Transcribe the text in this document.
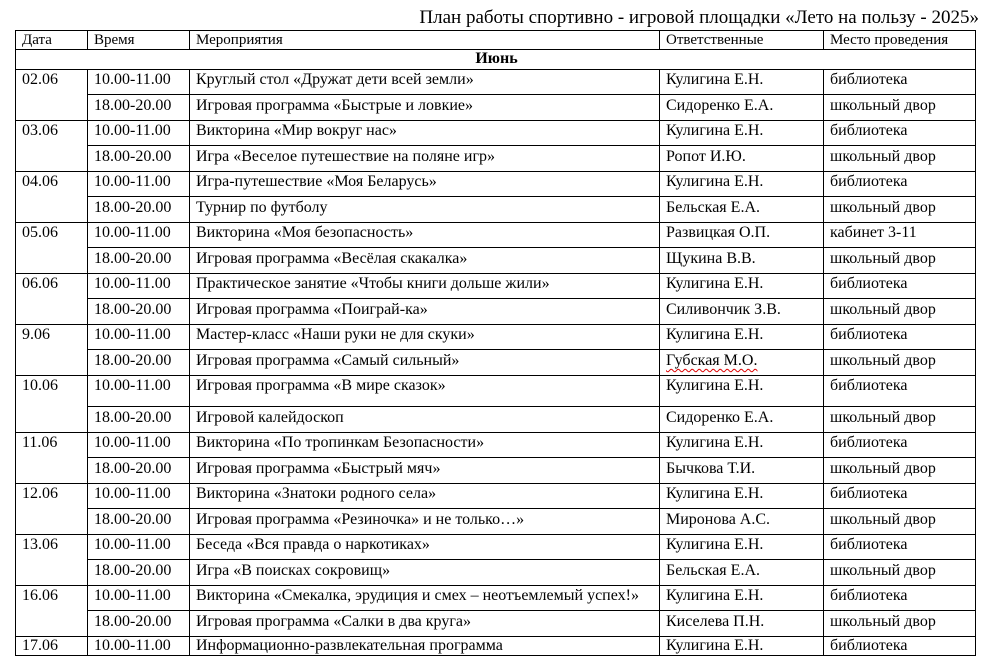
План работы спортивно - игровой площадки «Лето на пользу - 2025»
Дата	Время	Мероприятия	Ответственные	Место проведения
Июнь				
02.06	10.00-11.00	Круглый стол «Дружат дети всей земли»	Кулигина Е.Н.	библиотека
	18.00-20.00	Игровая программа «Быстрые и ловкие»	Сидоренко Е.А.	школьный двор
03.06	10.00-11.00	Викторина «Мир вокруг нас»	Кулигина Е.Н.	библиотека
	18.00-20.00	Игра «Веселое путешествие на поляне игр»	Ропот И.Ю.	школьный двор
04.06	10.00-11.00	Игра-путешествие «Моя Беларусь»	Кулигина Е.Н.	библиотека
	18.00-20.00	Турнир по футболу	Бельская Е.А.	школьный двор
05.06	10.00-11.00	Викторина «Моя безопасность»	Развицкая О.П.	кабинет 3-11
	18.00-20.00	Игровая программа «Весёлая скакалка»	Щукина В.В.	школьный двор
06.06	10.00-11.00	Практическое занятие «Чтобы книги дольше жили»	Кулигина Е.Н.	библиотека
	18.00-20.00	Игровая программа «Поиграй-ка»	Силивончик З.В.	школьный двор
9.06	10.00-11.00	Мастер-класс «Наши руки не для скуки»	Кулигина Е.Н.	библиотека
	18.00-20.00	Игровая программа «Самый сильный»	Губская М.О.	школьный двор
10.06	10.00-11.00	Игровая программа «В мире сказок»	Кулигина Е.Н.	библиотека
	18.00-20.00	Игровой калейдоскоп	Сидоренко Е.А.	школьный двор
11.06	10.00-11.00	Викторина «По тропинкам Безопасности»	Кулигина Е.Н.	библиотека
	18.00-20.00	Игровая программа «Быстрый мяч»	Бычкова Т.И.	школьный двор
12.06	10.00-11.00	Викторина «Знатоки родного села»	Кулигина Е.Н.	библиотека
	18.00-20.00	Игровая программа «Резиночка» и не только…»	Миронова А.С.	школьный двор
13.06	10.00-11.00	Беседа «Вся правда о наркотиках»	Кулигина Е.Н.	библиотека
	18.00-20.00	Игра «В поисках сокровищ»	Бельская Е.А.	школьный двор
16.06	10.00-11.00	Викторина «Смекалка, эрудиция и смех – неотъемлемый успех!»	Кулигина Е.Н.	библиотека
	18.00-20.00	Игровая программа «Салки в два круга»	Киселева П.Н.	школьный двор
17.06	10.00-11.00	Информационно-развлекательная программа	Кулигина Е.Н.	библиотека
